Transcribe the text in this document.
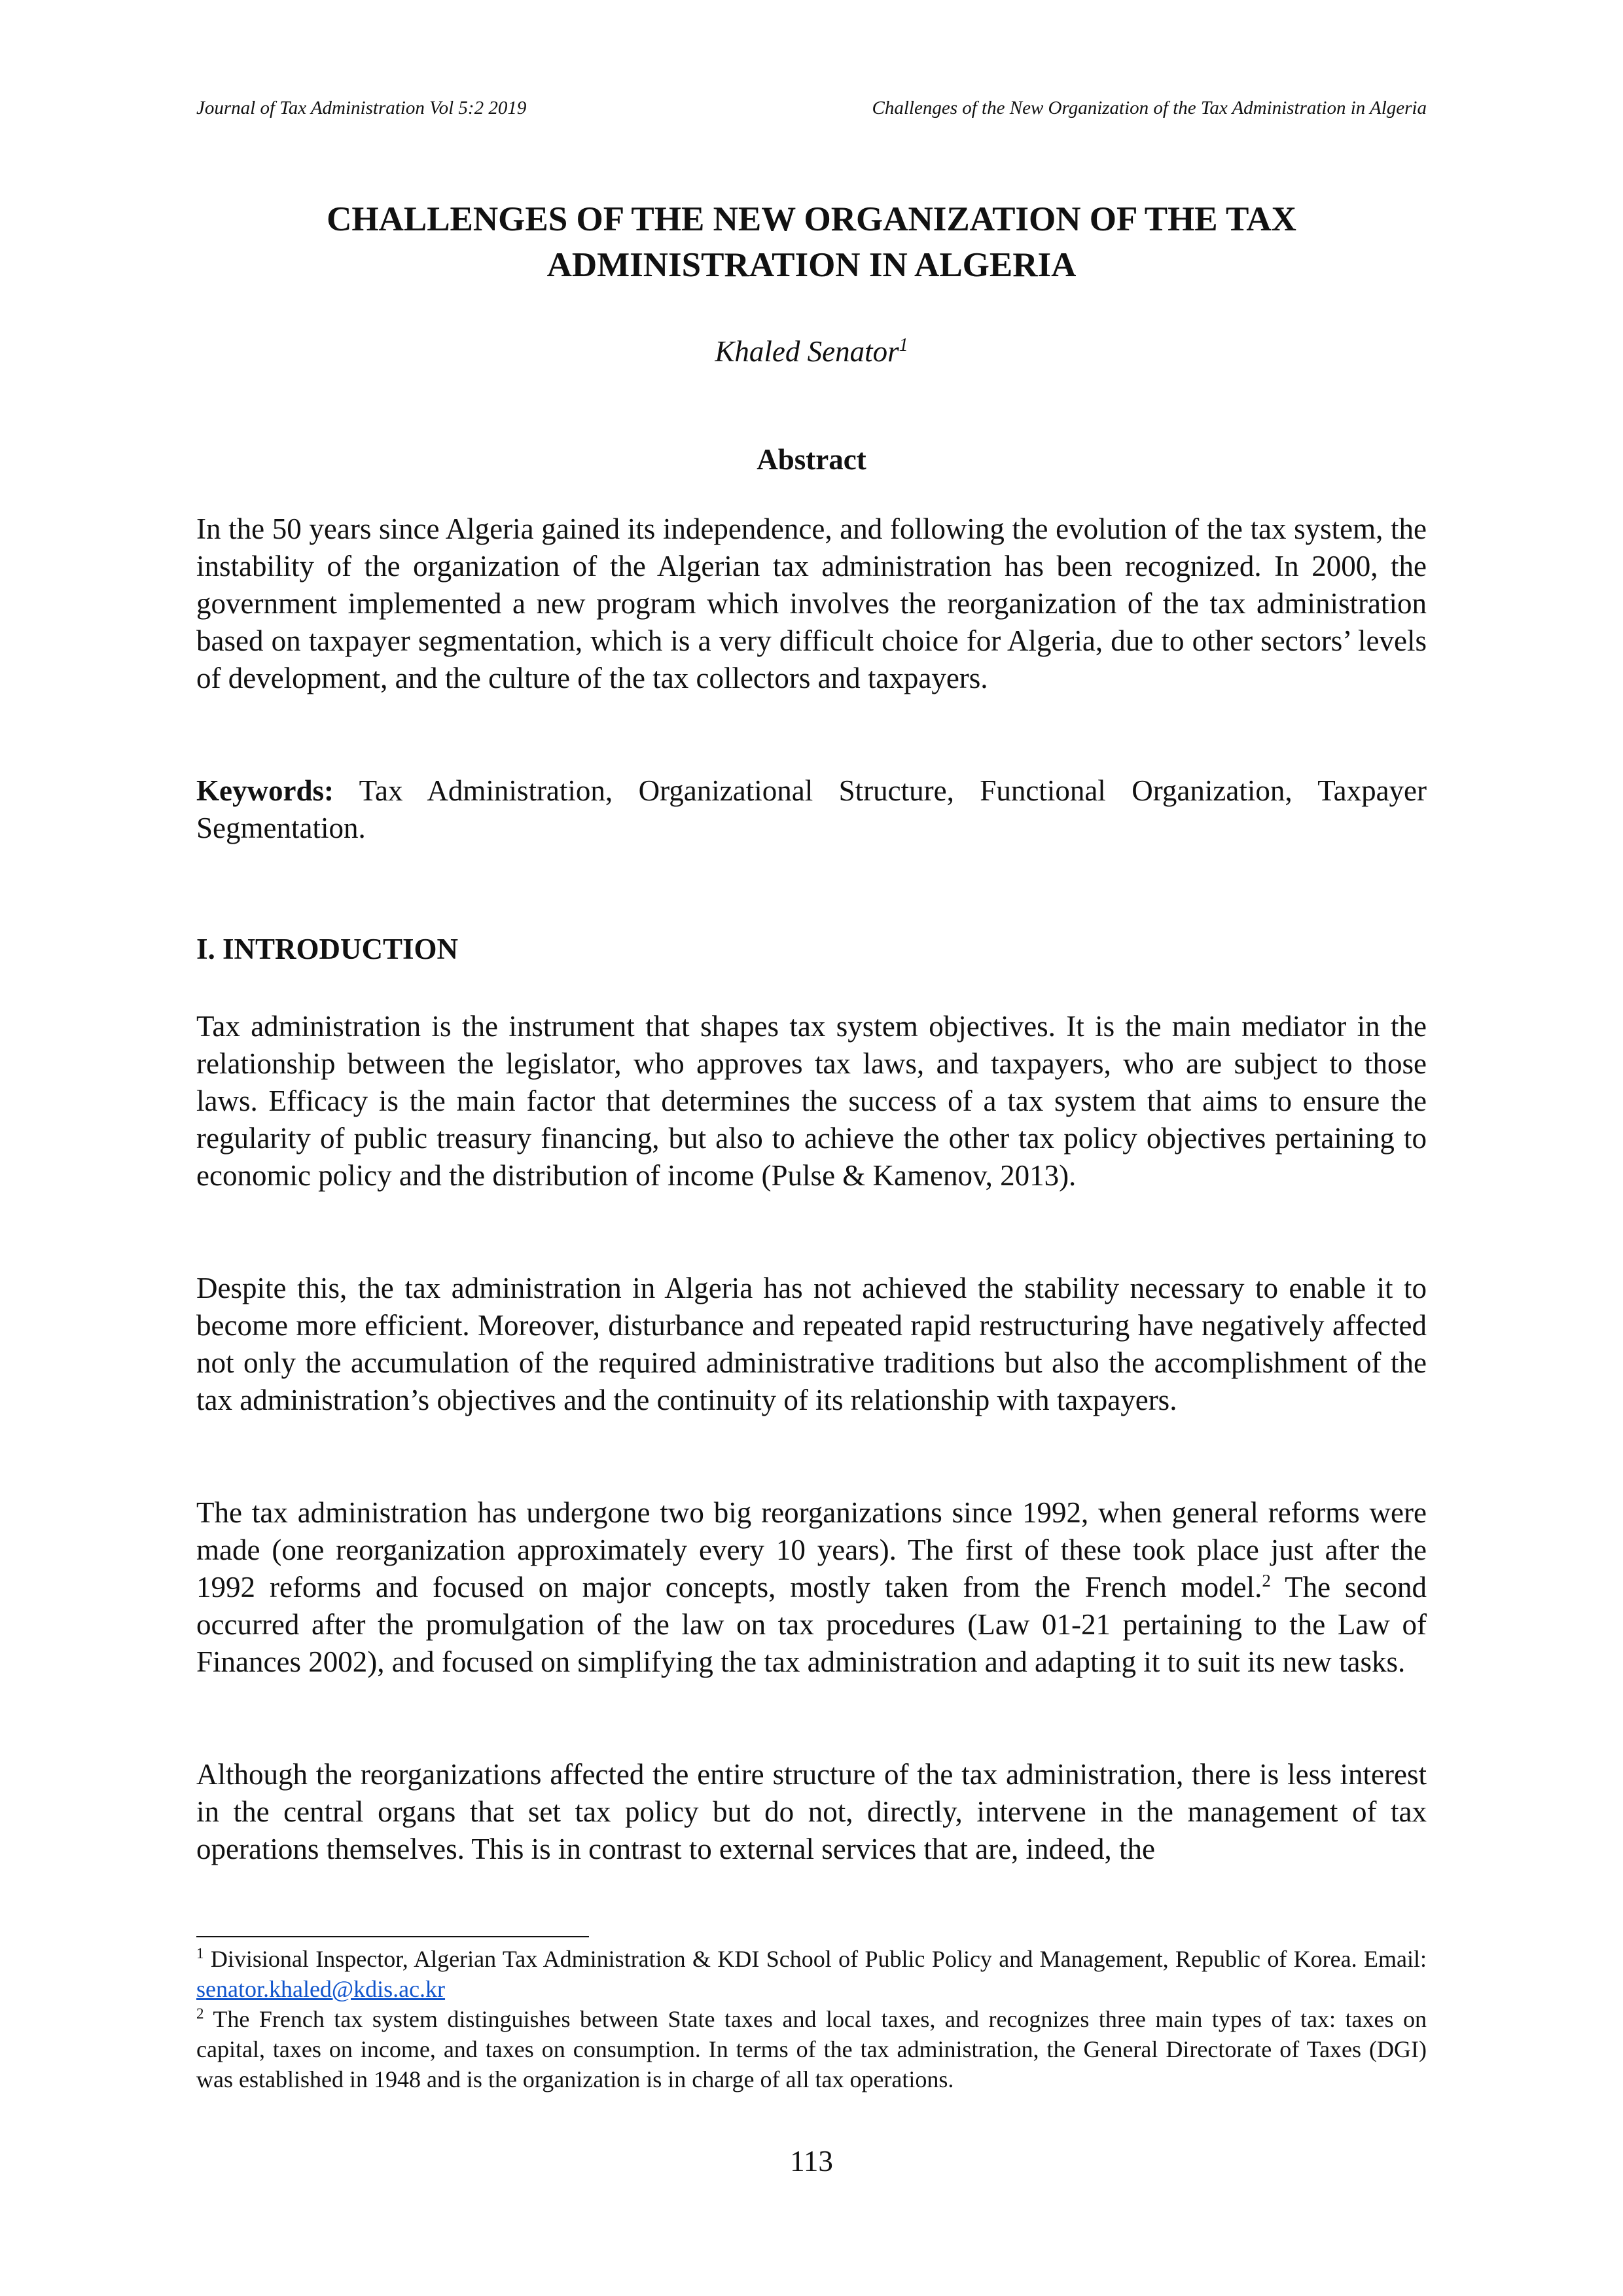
Journal of Tax Administration Vol 5:2 2019	Challenges of the New Organization of the Tax Administration in Algeria
CHALLENGES OF THE NEW ORGANIZATION OF THE TAX
ADMINISTRATION IN ALGERIA
Khaled Senator$^1$
Abstract

In the 50 years since Algeria gained its independence, and following the evolution of the tax system, the instability of the organization of the Algerian tax administration has been recognized. In 2000, the government implemented a new program which involves the reorganization of the tax administration based on taxpayer segmentation, which is a very difficult choice for Algeria, due to other sectors’ levels of development, and the culture of the tax collectors and taxpayers.

Keywords: Tax Administration, Organizational Structure, Functional Organization, Taxpayer Segmentation.

I. INTRODUCTION

Tax administration is the instrument that shapes tax system objectives. It is the main mediator in the relationship between the legislator, who approves tax laws, and taxpayers, who are subject to those laws. Efficacy is the main factor that determines the success of a tax system that aims to ensure the regularity of public treasury financing, but also to achieve the other tax policy objectives pertaining to economic policy and the distribution of income (Pulse & Kamenov, 2013).

Despite this, the tax administration in Algeria has not achieved the stability necessary to enable it to become more efficient. Moreover, disturbance and repeated rapid restructuring have negatively affected not only the accumulation of the required administrative traditions but also the accomplishment of the tax administration’s objectives and the continuity of its relationship with taxpayers.

The tax administration has undergone two big reorganizations since 1992, when general reforms were made (one reorganization approximately every 10 years). The first of these took place just after the 1992 reforms and focused on major concepts, mostly taken from the French model.$^2$ The second occurred after the promulgation of the law on tax procedures (Law 01-21 pertaining to the Law of Finances 2002), and focused on simplifying the tax administration and adapting it to suit its new tasks.

Although the reorganizations affected the entire structure of the tax administration, there is less interest in the central organs that set tax policy but do not, directly, intervene in the management of tax operations themselves. This is in contrast to external services that are, indeed, the

$^1$ Divisional Inspector, Algerian Tax Administration & KDI School of Public Policy and Management, Republic of Korea. Email: senator.khaled@kdis.ac.kr

$^2$ The French tax system distinguishes between State taxes and local taxes, and recognizes three main types of tax: taxes on capital, taxes on income, and taxes on consumption. In terms of the tax administration, the General Directorate of Taxes (DGI) was established in 1948 and is the organization is in charge of all tax operations.

113
